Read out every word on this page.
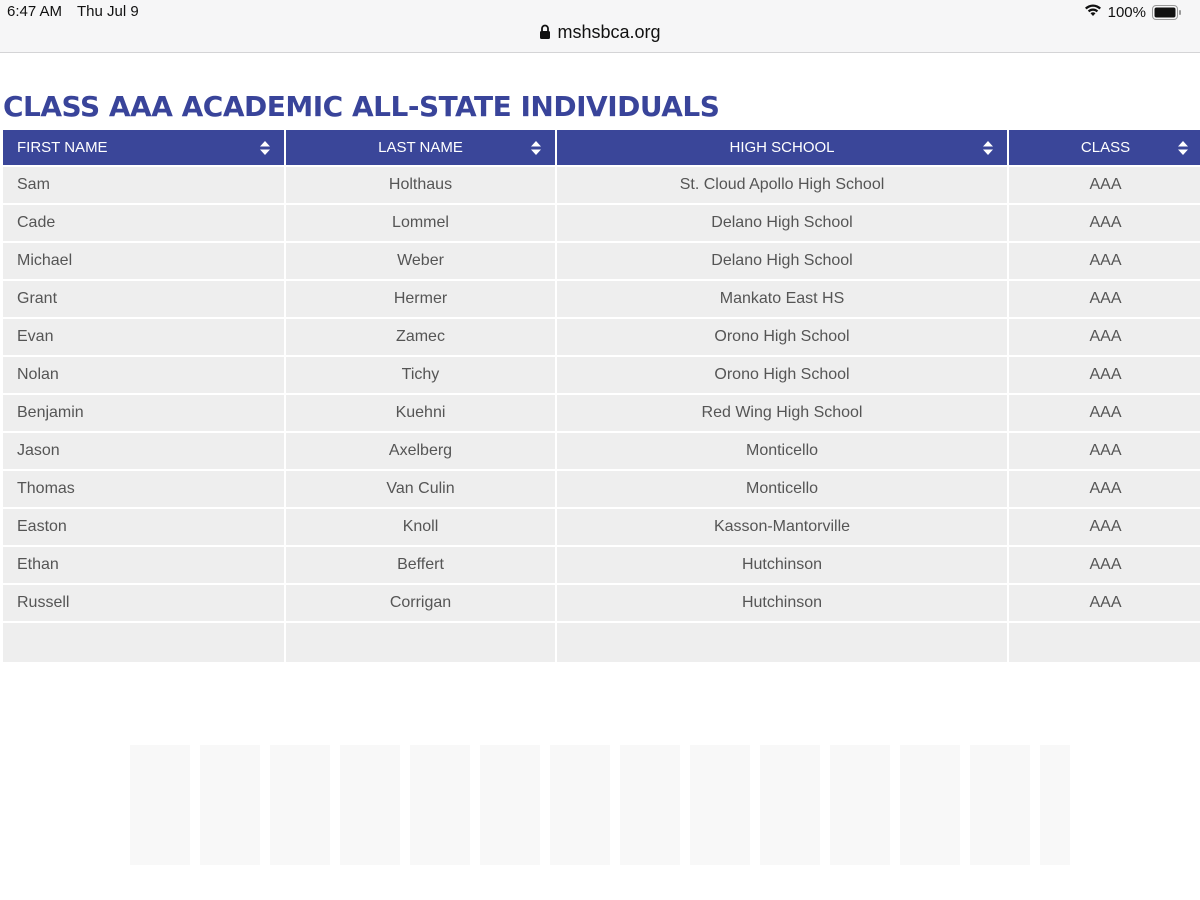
6:47 AM Thu Jul 9	100%
mshsbca.org
CLASS AAA ACADEMIC ALL-STATE INDIVIDUALS
FIRST NAME	LAST NAME	HIGH SCHOOL	CLASS

Sam	Holthaus	St. Cloud Apollo High School	AAA
Cade	Lommel	Delano High School	AAA
Michael	Weber	Delano High School	AAA
Grant	Hermer	Mankato East HS	AAA
Evan	Zamec	Orono High School	AAA
Nolan	Tichy	Orono High School	AAA
Benjamin	Kuehni	Red Wing High School	AAA
Jason	Axelberg	Monticello	AAA
Thomas	Van Culin	Monticello	AAA
Easton	Knoll	Kasson-Mantorville	AAA
Ethan	Beffert	Hutchinson	AAA
Russell	Corrigan	Hutchinson	AAA
